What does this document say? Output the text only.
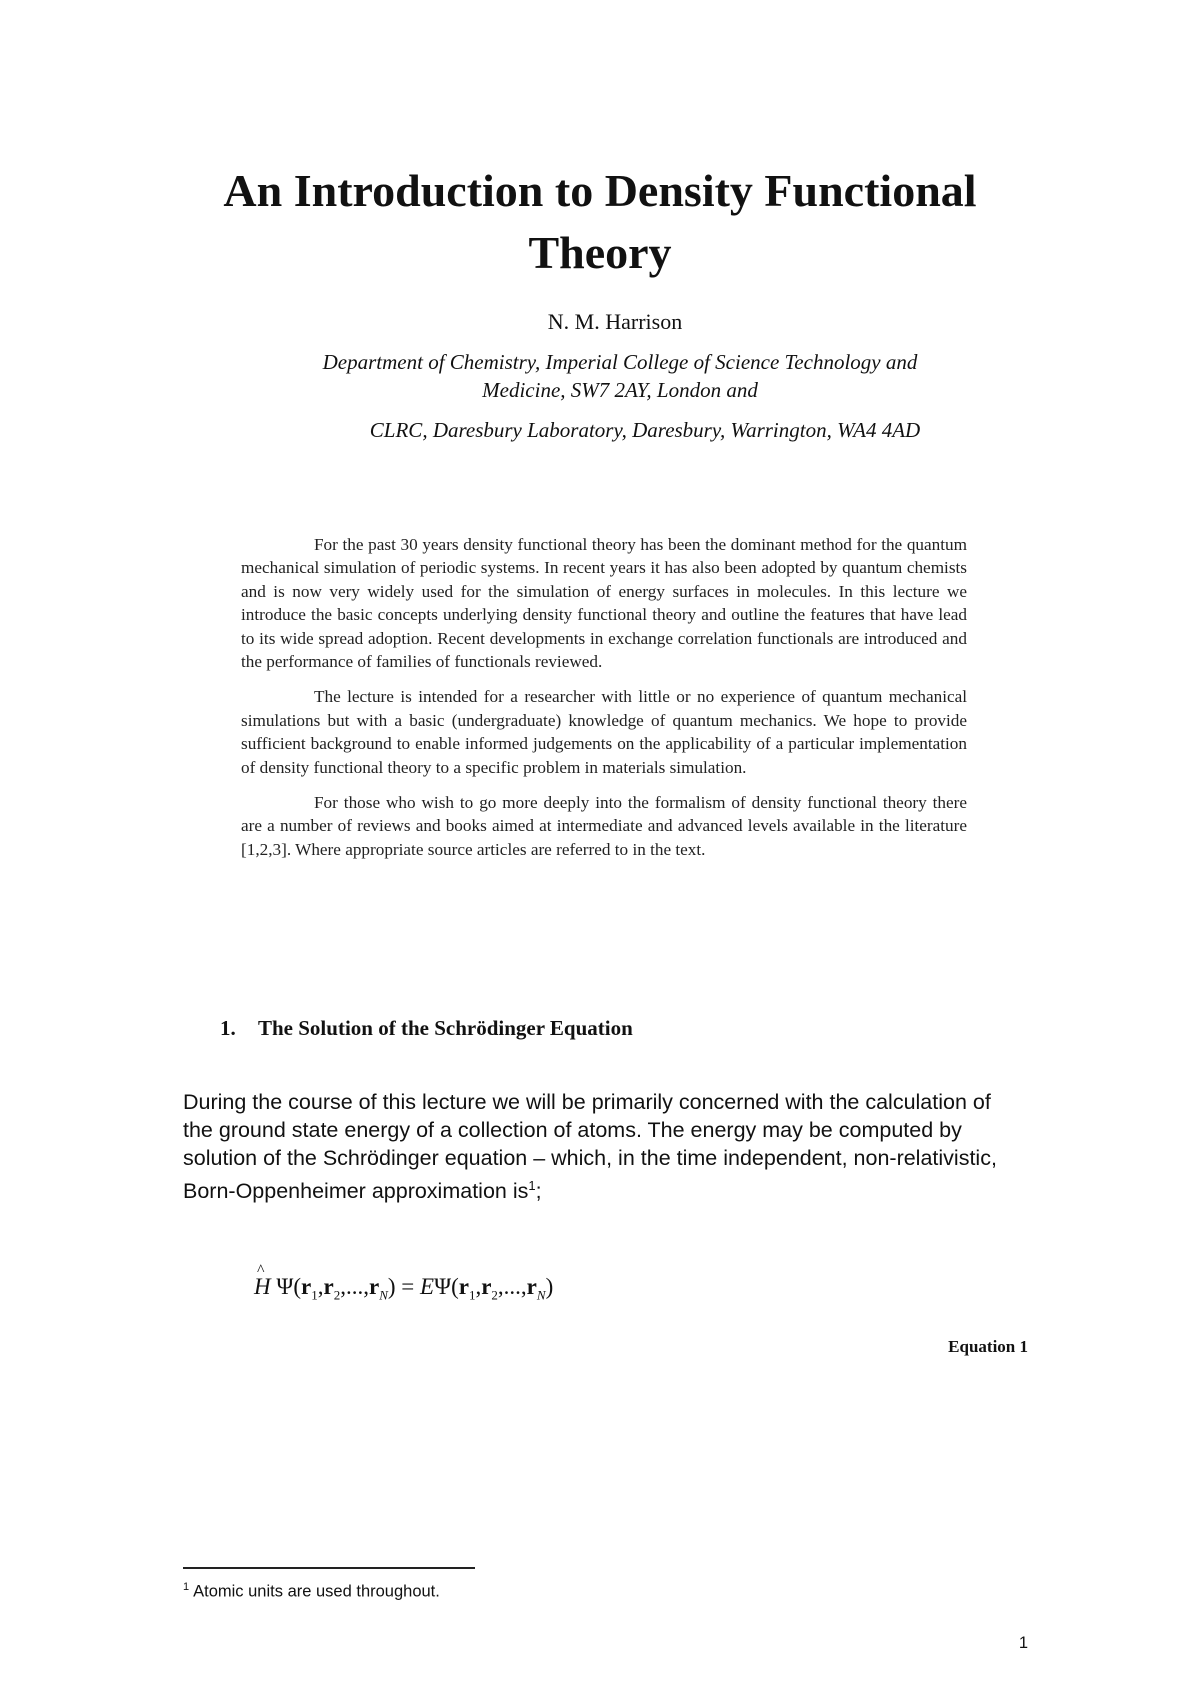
An Introduction to Density Functional
Theory
N. M. Harrison
Department of Chemistry, Imperial College of Science Technology and
Medicine, SW7 2AY, London and
CLRC, Daresbury Laboratory, Daresbury, Warrington, WA4 4AD

For the past 30 years density functional theory has been the dominant method for the quantum mechanical simulation of periodic systems. In recent years it has also been adopted by quantum chemists and is now very widely used for the simulation of energy surfaces in molecules. In this lecture we introduce the basic concepts underlying density functional theory and outline the features that have lead to its wide spread adoption. Recent developments in exchange correlation functionals are introduced and the performance of families of functionals reviewed.

The lecture is intended for a researcher with little or no experience of quantum mechanical simulations but with a basic (undergraduate) knowledge of quantum mechanics. We hope to provide sufficient background to enable informed judgements on the applicability of a particular implementation of density functional theory to a specific problem in materials simulation.

For those who wish to go more deeply into the formalism of density functional theory there are a number of reviews and books aimed at intermediate and advanced levels available in the literature [1,2,3]. Where appropriate source articles are referred to in the text.

1. The Solution of the Schrödinger Equation

During the course of this lecture we will be primarily concerned with the calculation of the ground state energy of a collection of atoms. The energy may be computed by solution of the Schrödinger equation – which, in the time independent, non-relativistic, Born-Oppenheimer approximation $is^1$;

^
H $\Psi(r_1,r_2,...,r_N) = E\Psi(r_1,r_2,...,r_N)$
Equation 1
$^1$ Atomic units are used throughout.
1
